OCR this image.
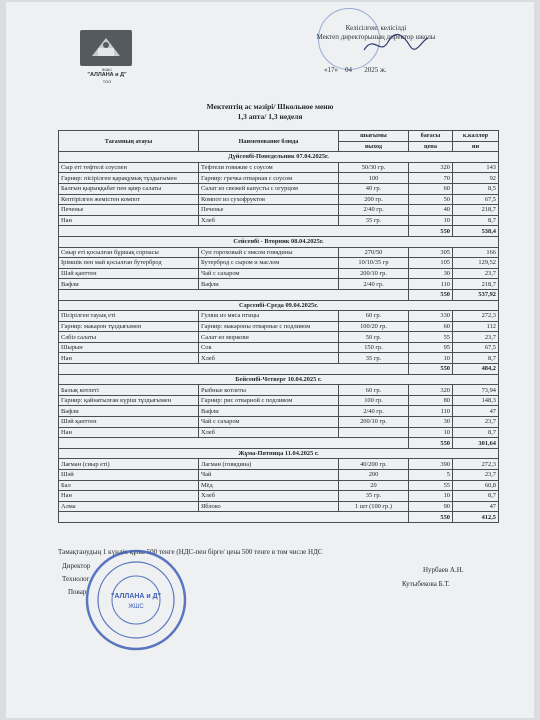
ЖШС
"АЛЛАНА и Д"
TOO
Келісілген: келісілді
Мектеп директорының директор школы
«17» 04 2025 ж.
Мектептің ас мәзірі/ Школьное меню
1,3 апта/ 1,3 неделя
Тағамның атауы	Наименование блюда	шығымы	бағасы	к.каллор
		выход	цена	ии
Дүйсенбі-Понедельник 07.04.2025г.				
Сыр еті тефтелі соуспен	Тефтели говяжие с соусом	50/30 гр.	320	143
Гарнир: пісірілген қарақұмық тұздығымен	Гарнир: гречка отварная с соусом	100	70	92
Балғын қырыққабат пен қияр салаты	Салат из свежей капусты с огурцом	40 гр.	60	8,5
Кептірілген жемістен компот	Компот из сухофруктов	200 гр.	50	67,5
Печенье	Печенье	2/40 гр.	40	218,7
Нан	Хлеб	35 гр.	10	8,7
			550	538,4
Сейсенбі - Вторник 08.04.2025г.				
Сиыр еті қосылған бұршақ сорпасы	Суп гороховый с мясом говядины	270/50	305	166
Ірімшік пен май қосылған бутерброд	Бутерброд с сыром и маслом	10/10/35 гр	105	129,52
Шәй қанттен	Чай с сахаром	200/10 гр.	30	23,7
Вафли	Вафли	2/40 гр.	110	218,7
			550	537,92
Сәрсенбі-Среда 09.04.2025г.				
Пісірілген тауық еті	Гуляш из мяса птицы	60 гр.	330	272,3
Гарнир: макарон тұздығымен	Гарнир: макароны отварные с подливом	100/20 гр.	60	112
Сәбіз салаты	Салат из моркови	50 гр.	55	23,7
Шырын	Сок	150 гр.	95	67,5
Нан	Хлеб	35 гр.	10	8,7
			550	484,2
Бейсенбі-Четверг 10.04.2025 г.				
Балық котлеті	Рыбные котлеты	60 гр.	320	73,94
Гарнир: қайнатылған күріш тұздығымен	Гарнир: рис отварной с подливом	100 гр.	80	148,3
Вафли	Вафли	2/40 гр.	110	47
Шәй қанттен	Чай с сахаром	200/10 гр.	30	23,7
Нан	Хлеб		10	8,7
			550	301,64
Жұма-Пятница 11.04.2025 г.				
Лағман (сиыр еті)	Лагман (говядина)	40/200 гр.	390	272,3
Шәй	Чай	200	5	23,7
Бал	Мёд	20	55	60,8
Нан	Хлеб	35 гр.	10	8,7
Алма	Яблоко	1 шт (100 гр.)	90	47
			550	412,5
Тамақтанудың 1 күндік құны 500 тенге (НДС-пен бірге/ цена 500 тенге в том числе НДС
Директор
Технолог
Повар
Нурбаев А.Н.
Кутыбекова Б.Т.
"АЛЛАНА и Д"
ЖШС
